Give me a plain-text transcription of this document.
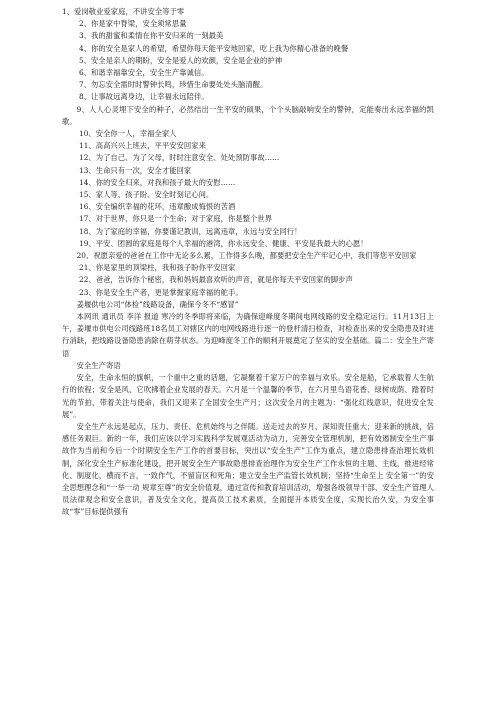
1、爱岗敬业爱家庭，不讲安全等于零
2、你是家中脊梁，安全须常思量
3、我的甜蜜和柔情在你平安归来的一刻最美
4、你的安全是家人的希望，希望你每天能平安地回家，吃上我为你精心准备的晚餐
5、安全是亲人的期盼，安全是爱人的欢颜，安全是企业的护神
6、和谐幸福靠安全，安全生产靠诚信。
7、勿忘安全需时时警钟长鸣，珍惜生命要处处头脑清醒。
8、让事故远离身边，让幸福永远陪伴。
9、人人心灵埋下安全的种子，必然结出一生平安的硕果，个个头脑敲响安全的警钟，定能奏出永远幸福的凯歌。
10、安全你一人，幸福全家人
11、高高兴兴上班去，平平安安回家来
12、为了自己、为了父母，时时注意安全、处处预防事故……
13、生命只有一次，安全才能回家
14、你的安全归来，对我和孩子最大的安慰……
15、家人等、孩子盼、安全时刻记心间。
16、安全编织幸福的花环，违章酿成悔恨的苦酒
17、对于世界，你只是一个生命；对于家庭，你是整个世界
18、为了家庭的幸福，你要谨记教训，远离违章，永远与安全同行！
19、平安、团圆的家庭是每个人幸福的港湾，你永远安全、健康、平安是我最大的心愿！
20、祝愿亲爱的爸爸在工作中无论多么累，工作得多么晚，都要把安全生产牢记心中，我们等您平安回家
21、你是家里的顶梁柱，我和孩子盼你平安回家
22、爸爸，告诉你个秘密，我和妈妈最喜欢听的声音，就是你每天平安回家的脚步声
23、你是安全生产者，更是掌握家庭幸福的舵手。
姜堰供电公司“体检”线路设备，确保今冬不“感冒”
本网讯 通讯员 李洋 报道 寒冷的冬季即将来临，为确保迎峰度冬期间电网线路的安全稳定运行。11月13日上午，姜堰市供电公司线路班18名员工对辖区内的电网线路进行逐一的登杆清扫检查，对检查出来的安全隐患及时进行消缺，把线路设备隐患消除在萌芽状态。为迎峰度冬工作的顺利开展奠定了坚实的安全基础。篇二：安全生产寄语
安全生产寄语
安全，生命永恒的旗帜，一个重中之重的话题，它凝聚着千家万户的幸福与欢乐。安全是船，它承载着人生航行的依程；安全是风，它吹拂着企业发展的春天。六月是一个温馨的季节，在六月里鸟语花香、绿树成荫、踏着时光的节拍，带着关注与使命，我们又迎来了全国安全生产月；这次安全月的主题为：“强化红线意识，促进安全发展”。
安全生产永远是起点，压力、责任、危机始终与之伴随。送走过去的岁月，深知责任重大；迎来新的挑战，倍感任务艰巨。新的一年，我们应该以学习实践科学发展观活动为动力，完善安全管理机制，把有效遏制安全生产事故作为当前和今后一个时期安全生产工作的首要目标，突出以“安全生产”工作为重点，建立隐患排查治理长效机制，深化安全生产标准化建设，把开展安全生产事故隐患排查治理作为安全生产工作永恒的主题、主线，推进经常化、制度化，横而不言，一致作气，不留盲区和死角；建立安全生产监管长效机制；坚持“生命至上 安全第一”的安全思想理念和“一举一动 规章至尊”的安全价值观，通过宣传和教育培训活动，增强各级领导干部、安全生产管理人员法律观念和安全意识，普及安全文化，提高员工技术素质，全面提升本质安全度，实现长治久安，为安全事故“零”目标提供强有
